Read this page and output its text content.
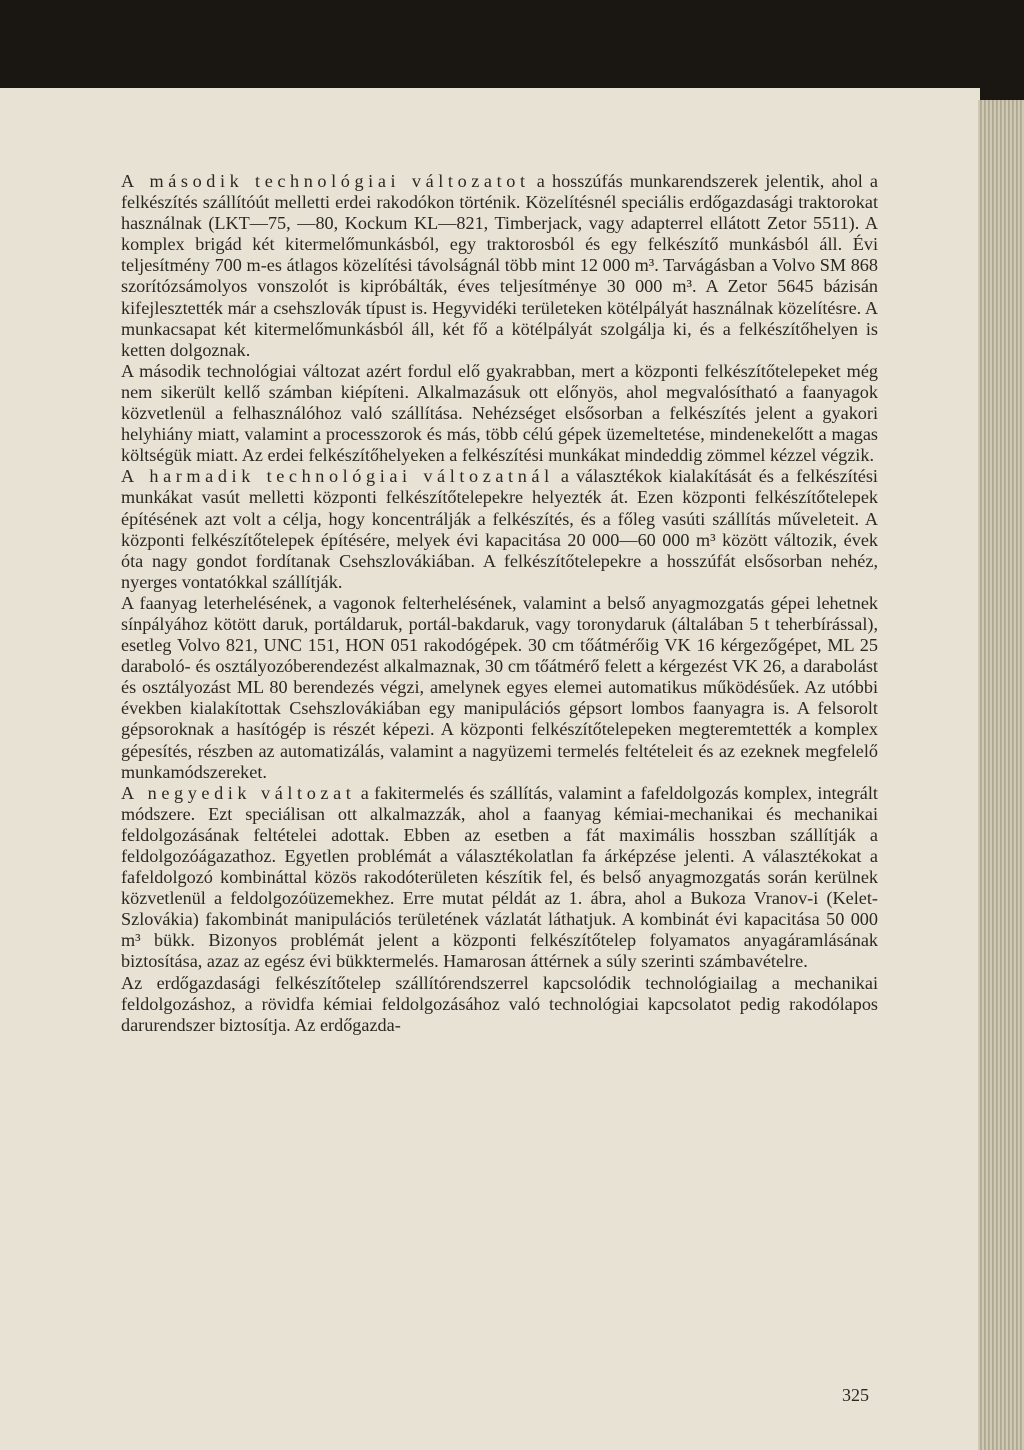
A második technológiai változatot a hosszúfás munkarendszerek jelentik, ahol a felkészítés szállítóút melletti erdei rakodókon történik. Közelítésnél speciális erdőgazdasági traktorokat használnak (LKT—75, —80, Kockum KL—821, Timberjack, vagy adapterrel ellátott Zetor 5511). A komplex brigád két kitermelőmunkásból, egy traktorosból és egy felkészítő munkásból áll. Évi teljesítmény 700 m-es átlagos közelítési távolságnál több mint 12 000 m³. Tarvágásban a Volvo SM 868 szorítózsámolyos vonszolót is kipróbálták, éves teljesítménye 30 000 m³. A Zetor 5645 bázisán kifejlesztették már a csehszlovák típust is. Hegyvidéki területeken kötélpályát használnak közelítésre. A munkacsapat két kitermelőmunkásból áll, két fő a kötélpályát szolgálja ki, és a felkészítőhelyen is ketten dolgoznak.

A második technológiai változat azért fordul elő gyakrabban, mert a központi felkészítőtelepeket még nem sikerült kellő számban kiépíteni. Alkalmazásuk ott előnyös, ahol megvalósítható a faanyagok közvetlenül a felhasználóhoz való szállítása. Nehézséget elsősorban a felkészítés jelent a gyakori helyhiány miatt, valamint a processzorok és más, több célú gépek üzemeltetése, mindenekelőtt a magas költségük miatt. Az erdei felkészítőhelyeken a felkészítési munkákat mindeddig zömmel kézzel végzik.

A harmadik technológiai változatnál a választékok kialakítását és a felkészítési munkákat vasút melletti központi felkészítőtelepekre helyezték át. Ezen központi felkészítőtelepek építésének azt volt a célja, hogy koncentrálják a felkészítés, és a főleg vasúti szállítás műveleteit. A központi felkészítőtelepek építésére, melyek évi kapacitása 20 000—60 000 m³ között változik, évek óta nagy gondot fordítanak Csehszlovákiában. A felkészítőtelepekre a hosszúfát elsősorban nehéz, nyerges vontatókkal szállítják.

A faanyag leterhelésének, a vagonok felterhelésének, valamint a belső anyagmozgatás gépei lehetnek sínpályához kötött daruk, portáldaruk, portál-bakdaruk, vagy toronydaruk (általában 5 t teherbírással), esetleg Volvo 821, UNC 151, HON 051 rakodógépek. 30 cm tőátmérőig VK 16 kérgezőgépet, ML 25 daraboló- és osztályozóberendezést alkalmaznak, 30 cm tőátmérő felett a kérgezést VK 26, a darabolást és osztályozást ML 80 berendezés végzi, amelynek egyes elemei automatikus működésűek. Az utóbbi években kialakítottak Csehszlovákiában egy manipulációs gépsort lombos faanyagra is. A felsorolt gépsoroknak a hasítógép is részét képezi. A központi felkészítőtelepeken megteremtették a komplex gépesítés, részben az automatizálás, valamint a nagyüzemi termelés feltételeit és az ezeknek megfelelő munkamódszereket.

A negyedik változat a fakitermelés és szállítás, valamint a fafeldolgozás komplex, integrált módszere. Ezt speciálisan ott alkalmazzák, ahol a faanyag kémiai-mechanikai és mechanikai feldolgozásának feltételei adottak. Ebben az esetben a fát maximális hosszban szállítják a feldolgozóágazathoz. Egyetlen problémát a választékolatlan fa árképzése jelenti. A választékokat a fafeldolgozó kombináttal közös rakodóterületen készítik fel, és belső anyagmozgatás során kerülnek közvetlenül a feldolgozóüzemekhez. Erre mutat példát az 1. ábra, ahol a Bukoza Vranov-i (Kelet-Szlovákia) fakombinát manipulációs területének vázlatát láthatjuk. A kombinát évi kapacitása 50 000 m³ bükk. Bizonyos problémát jelent a központi felkészítőtelep folyamatos anyagáramlásának biztosítása, azaz az egész évi bükktermelés. Hamarosan áttérnek a súly szerinti számbavételre.

Az erdőgazdasági felkészítőtelep szállítórendszerrel kapcsolódik technológiailag a mechanikai feldolgozáshoz, a rövidfa kémiai feldolgozásához való technológiai kapcsolatot pedig rakodólapos darurendszer biztosítja. Az erdőgazda-

325
